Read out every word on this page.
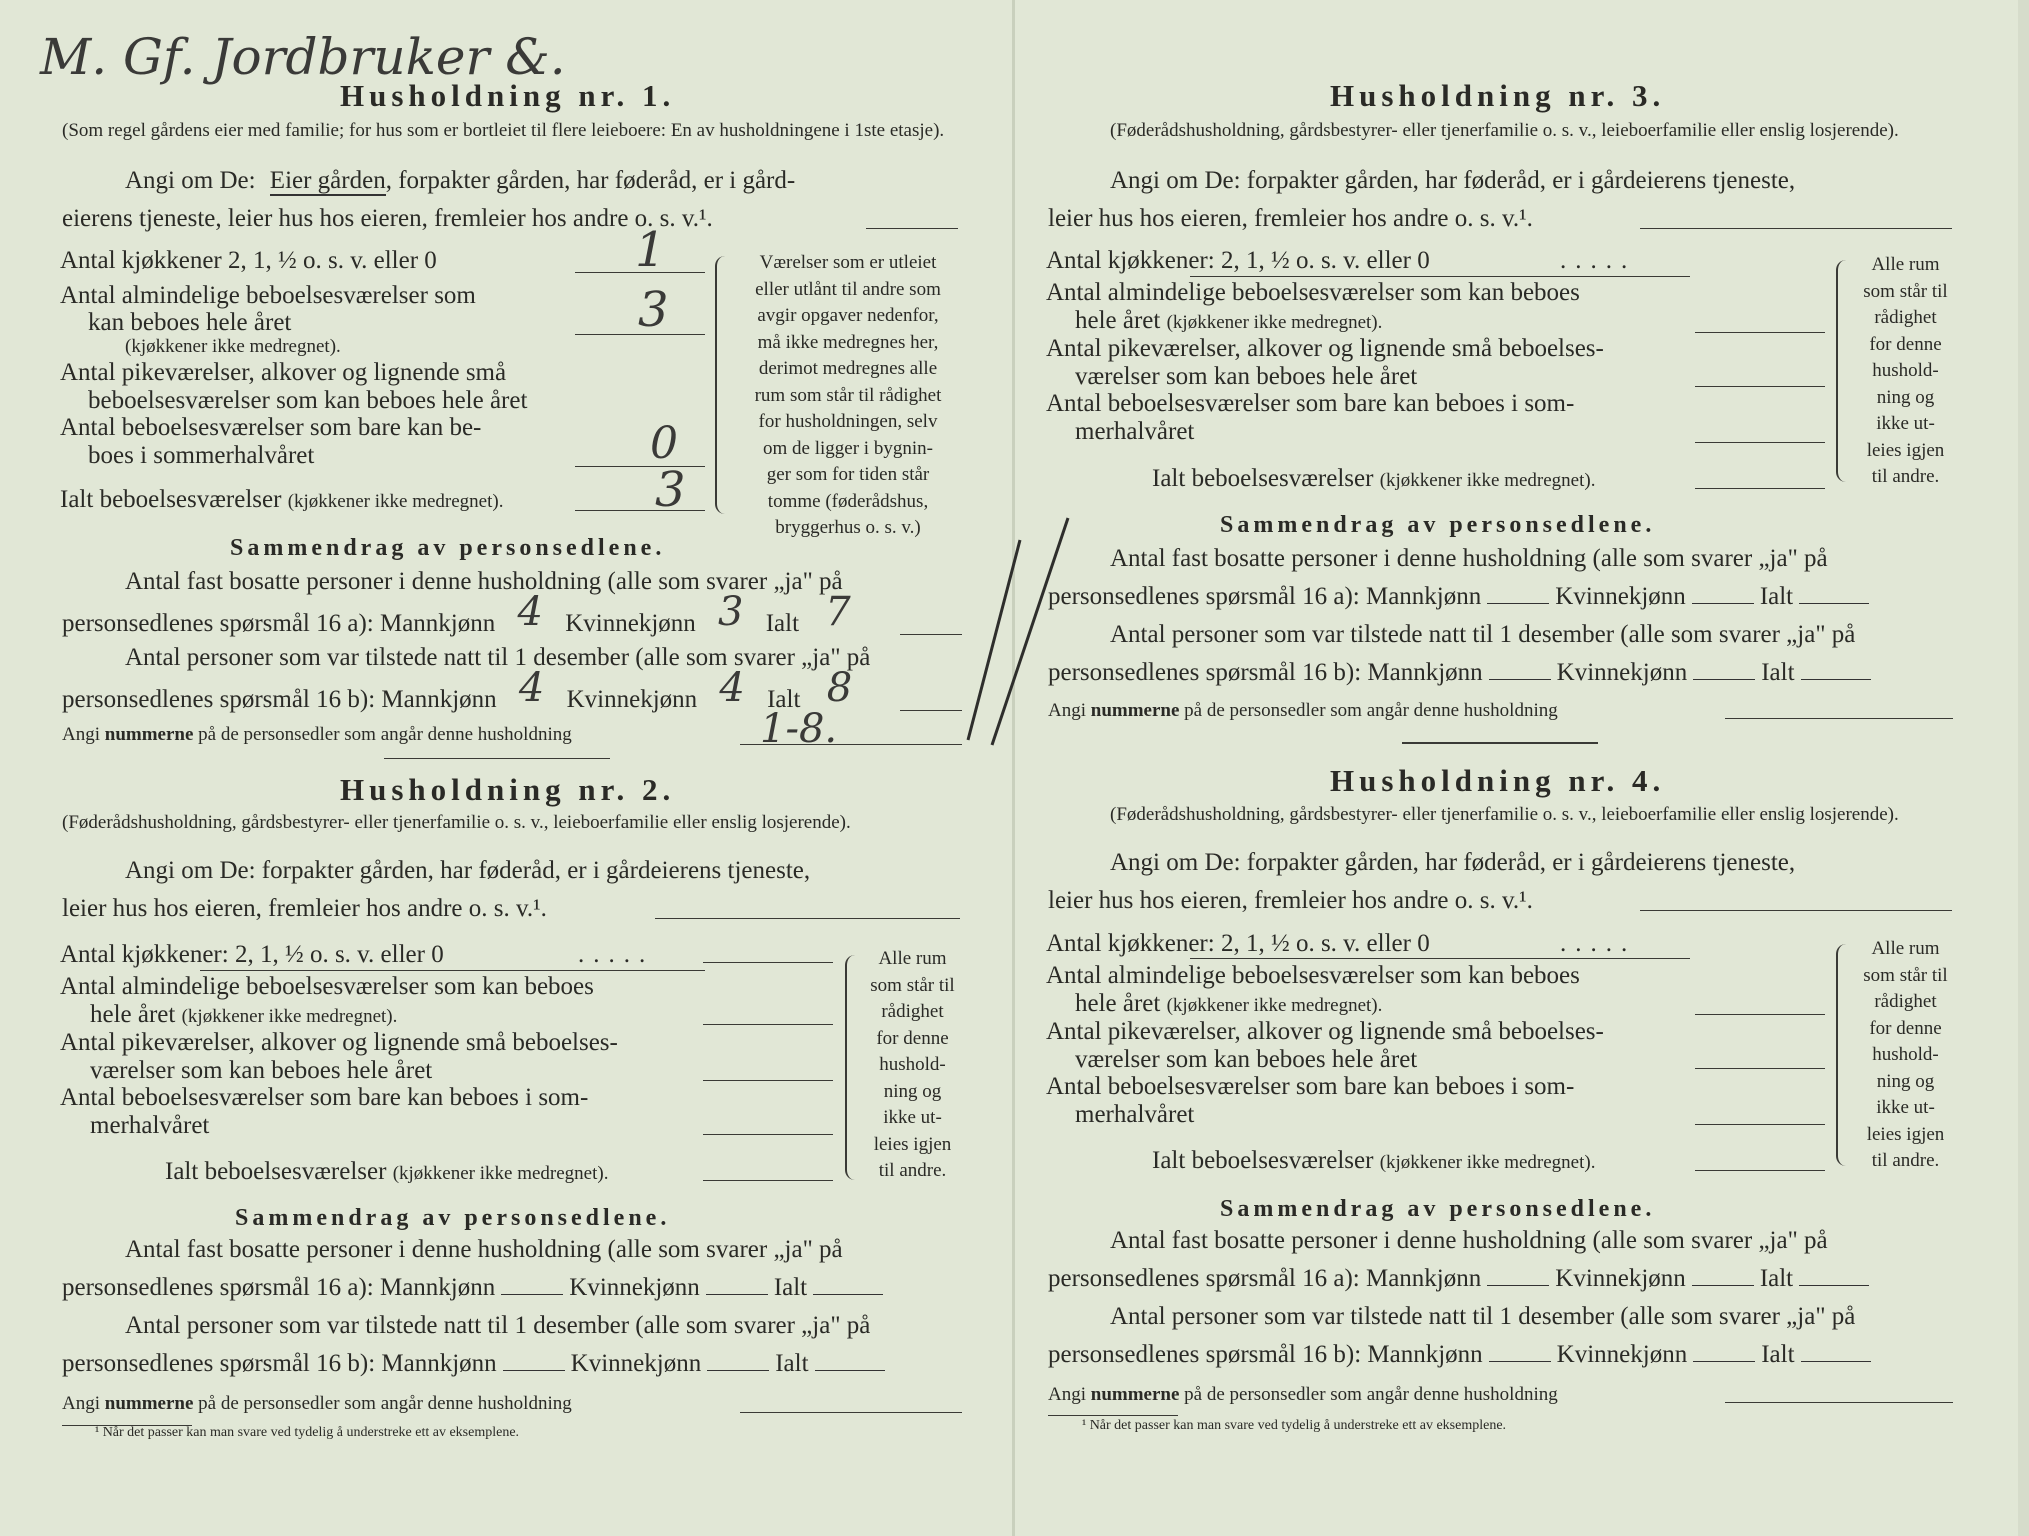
M. Gf. Jordbruker &.
Husholdning nr. 1.
(Som regel gårdens eier med familie; for hus som er bortleiet til flere leieboere: En av husholdningene i 1ste etasje).
Angi om De: Eier gården, forpakter gården, har føderåd, er i gård-
eierens tjeneste, leier hus hos eieren, fremleier hos andre o. s. v.¹.
Antal kjøkkener 2, 1, ½ o. s. v. eller 0	1
Antal almindelige beboelsesværelser som
kan beboes hele året
(kjøkkener ikke medregnet).
3
Antal pikeværelser, alkover og lignende små
beboelsesværelser som kan beboes hele året
Antal beboelsesværelser som bare kan be-
boes i sommerhalvåret	0
Ialt beboelsesværelser (kjøkkener ikke medregnet).	3
Værelser som er utleiet
eller utlånt til andre som
avgir opgaver nedenfor,
må ikke medregnes her,
derimot medregnes alle
rum som står til rådighet
for husholdningen, selv
om de ligger i bygnin-
ger som for tiden står
tomme (føderådshus,
bryggerhus o. s. v.)
Sammendrag av personsedlene.
Antal fast bosatte personer i denne husholdning (alle som svarer „ja" på
personsedlenes spørsmål 16 a): Mannkjønn 4 Kvinnekjønn 3 Ialt 7
Antal personer som var tilstede natt til 1 desember (alle som svarer „ja" på
personsedlenes spørsmål 16 b): Mannkjønn 4 Kvinnekjønn 4 Ialt 8
Angi nummerne på de personsedler som angår denne husholdning	1-8.
Husholdning nr. 2.
(Føderådshusholdning, gårdsbestyrer- eller tjenerfamilie o. s. v., leieboerfamilie eller enslig losjerende).
Angi om De: forpakter gården, har føderåd, er i gårdeierens tjeneste,
leier hus hos eieren, fremleier hos andre o. s. v.¹.
Antal kjøkkener: 2, 1, ½ o. s. v. eller 0	.....
Antal almindelige beboelsesværelser som kan beboes
hele året (kjøkkener ikke medregnet).
Antal pikeværelser, alkover og lignende små beboelses-
værelser som kan beboes hele året
Antal beboelsesværelser som bare kan beboes i som-
merhalvåret
Ialt beboelsesværelser (kjøkkener ikke medregnet).
Alle rum
som står til
rådighet
for denne
hushold-
ning og
ikke ut-
leies igjen
til andre.
Sammendrag av personsedlene.
Antal fast bosatte personer i denne husholdning (alle som svarer „ja" på
personsedlenes spørsmål 16 a): Mannkjønn	Kvinnekjønn	Ialt
Antal personer som var tilstede natt til 1 desember (alle som svarer „ja" på
personsedlenes spørsmål 16 b): Mannkjønn	Kvinnekjønn	Ialt
Angi nummerne på de personsedler som angår denne husholdning
¹ Når det passer kan man svare ved tydelig å understreke ett av eksemplene.
Husholdning nr. 3.
(Føderådshusholdning, gårdsbestyrer- eller tjenerfamilie o. s. v., leieboerfamilie eller enslig losjerende).
Angi om De: forpakter gården, har føderåd, er i gårdeierens tjeneste,
leier hus hos eieren, fremleier hos andre o. s. v.¹.
Antal kjøkkener: 2, 1, ½ o. s. v. eller 0	.....
Antal almindelige beboelsesværelser som kan beboes
hele året (kjøkkener ikke medregnet).
Antal pikeværelser, alkover og lignende små beboelses-
værelser som kan beboes hele året
Antal beboelsesværelser som bare kan beboes i som-
merhalvåret
Ialt beboelsesværelser (kjøkkener ikke medregnet).
Alle rum
som står til
rådighet
for denne
hushold-
ning og
ikke ut-
leies igjen
til andre.
Sammendrag av personsedlene.
Antal fast bosatte personer i denne husholdning (alle som svarer „ja" på
personsedlenes spørsmål 16 a): Mannkjønn	Kvinnekjønn	Ialt
Antal personer som var tilstede natt til 1 desember (alle som svarer „ja" på
personsedlenes spørsmål 16 b): Mannkjønn	Kvinnekjønn	Ialt
Angi nummerne på de personsedler som angår denne husholdning
Husholdning nr. 4.
(Føderådshusholdning, gårdsbestyrer- eller tjenerfamilie o. s. v., leieboerfamilie eller enslig losjerende).
Angi om De: forpakter gården, har føderåd, er i gårdeierens tjeneste,
leier hus hos eieren, fremleier hos andre o. s. v.¹.
Antal kjøkkener: 2, 1, ½ o. s. v. eller 0	.....
Antal almindelige beboelsesværelser som kan beboes
hele året (kjøkkener ikke medregnet).
Antal pikeværelser, alkover og lignende små beboelses-
værelser som kan beboes hele året
Antal beboelsesværelser som bare kan beboes i som-
merhalvåret
Ialt beboelsesværelser (kjøkkener ikke medregnet).
Alle rum
som står til
rådighet
for denne
hushold-
ning og
ikke ut-
leies igjen
til andre.
Sammendrag av personsedlene.
Antal fast bosatte personer i denne husholdning (alle som svarer „ja" på
personsedlenes spørsmål 16 a): Mannkjønn	Kvinnekjønn	Ialt
Antal personer som var tilstede natt til 1 desember (alle som svarer „ja" på
personsedlenes spørsmål 16 b): Mannkjønn	Kvinnekjønn	Ialt
Angi nummerne på de personsedler som angår denne husholdning
¹ Når det passer kan man svare ved tydelig å understreke ett av eksemplene.
